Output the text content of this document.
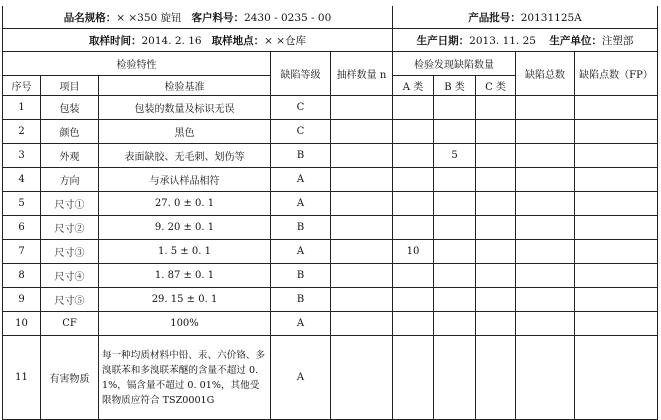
品名规格：× ×350 旋钮 客户料号：2430 - 0235 - 00					产品批号：20131125A				
取样时间：2014. 2. 16 取样地点：× ×仓库					生产日期：2013. 11. 25 生产单位：注塑部				
检验特性			缺陷等级	抽样数量 n	检验发现缺陷数量			缺陷总数	缺陷点数（FP）
序号	项目	检验基准			A 类	B 类	C 类		
1	包装	包装的数量及标识无误	C						
2	颜色	黑色	C						
3	外观	表面缺胶、无毛刺、划伤等	B			5			
4	方向	与承认样品相符	A						
5	尺寸①	27. 0 ± 0. 1	A						
6	尺寸②	9. 20 ± 0. 1	B						
7	尺寸③	1. 5 ± 0. 1	A		10				
8	尺寸④	1. 87 ± 0. 1	B						
9	尺寸⑤	29. 15 ± 0. 1	B						
10	CF	100%	A						
11	有害物质	每一种均质材料中铅、汞、六价铬、多溴联苯和多溴联苯醚的含量不超过 0. 1%，镉含量不超过 0. 01%，其他受限物质应符合 TSZ0001G	A						
